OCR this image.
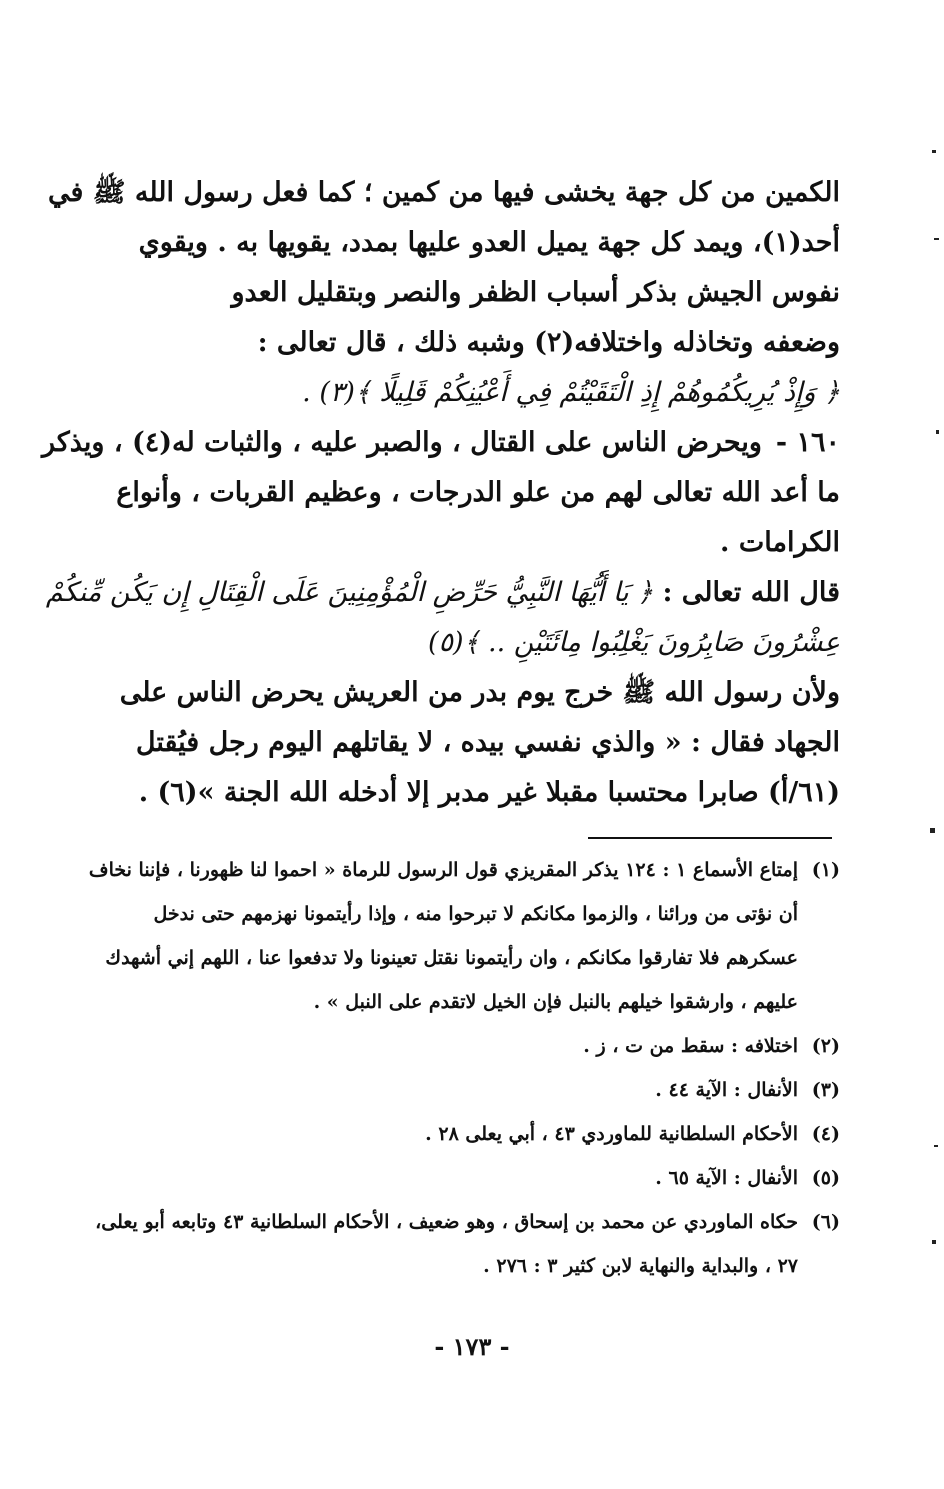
الكمين من كل جهة يخشى فيها من كمين ؛ كما فعل رسول الله ﷺ في
أحد(١)، ويمد كل جهة يميل العدو عليها بمدد، يقويها به . ويقوي
نفوس الجيش بذكر أسباب الظفر والنصر وبتقليل العدو
وضعفه وتخاذله واختلافه(٢) وشبه ذلك ، قال تعالى :
﴿ وَإِذْ يُرِيكُمُوهُمْ إِذِ الْتَقَيْتُمْ فِي أَعْيُنِكُمْ قَلِيلًا ﴾(٣) .
١٦٠ -ويحرض الناس على القتال ، والصبر عليه ، والثبات له(٤) ، ويذكر
ما أعد الله تعالى لهم من علو الدرجات ، وعظيم القربات ، وأنواع
الكرامات .
قال الله تعالى : ﴿ يَا أَيُّهَا النَّبِيُّ حَرِّضِ الْمُؤْمِنِينَ عَلَى الْقِتَالِ إِن يَكُن مِّنكُمْ
عِشْرُونَ صَابِرُونَ يَغْلِبُوا مِائَتَيْنِ .. ﴾(٥)
ولأن رسول الله ﷺ خرج يوم بدر من العريش يحرض الناس على
الجهاد فقال : « والذي نفسي بيده ، لا يقاتلهم اليوم رجل فيُقتل
(٦١/أ) صابرا محتسبا مقبلا غير مدبر إلا أدخله الله الجنة »(٦) .
(١)
إمتاع الأسماع ١ : ١٢٤ يذكر المقريزي قول الرسول للرماة « احموا لنا ظهورنا ، فإننا نخاف
أن نؤتى من ورائنا ، والزموا مكانكم لا تبرحوا منه ، وإذا رأيتمونا نهزمهم حتى ندخل
عسكرهم فلا تفارقوا مكانكم ، وان رأيتمونا نقتل تعينونا ولا تدفعوا عنا ، اللهم إني أشهدك
عليهم ، وارشقوا خيلهم بالنبل فإن الخيل لاتقدم على النبل » .
(٢)
اختلافه : سقط من ت ، ز .
(٣)
الأنفال : الآية ٤٤ .
(٤)
الأحكام السلطانية للماوردي ٤٣ ، أبي يعلى ٢٨ .
(٥)
الأنفال : الآية ٦٥ .
(٦)
حكاه الماوردي عن محمد بن إسحاق ، وهو ضعيف ، الأحكام السلطانية ٤٣ وتابعه أبو يعلى،
٢٧ ، والبداية والنهاية لابن كثير ٣ : ٢٧٦ .
- ١٧٣ -
